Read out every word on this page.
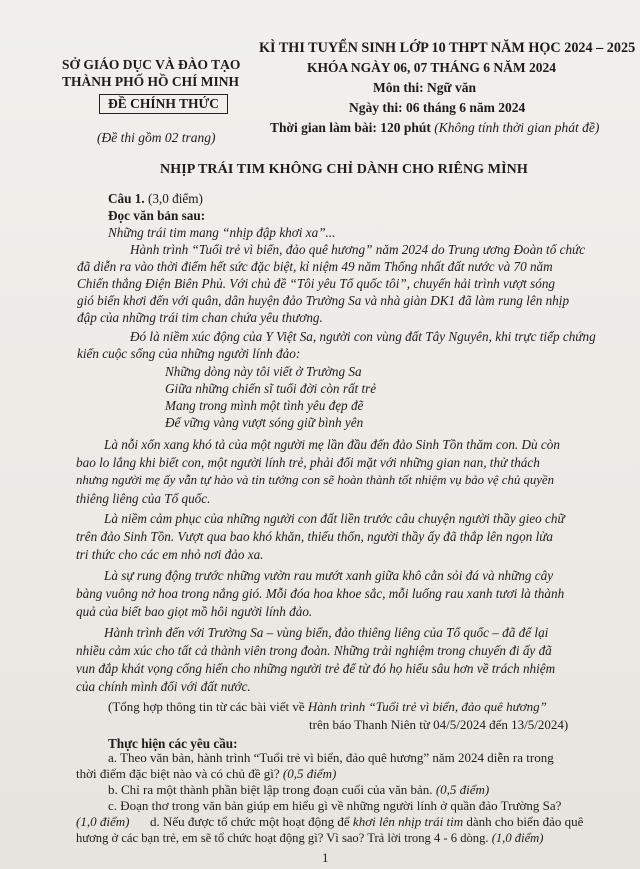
SỞ GIÁO DỤC VÀ ĐÀO TẠO
THÀNH PHỐ HỒ CHÍ MINH
ĐỀ CHÍNH THỨC
(Đề thi gồm 02 trang)
KÌ THI TUYỂN SINH LỚP 10 THPT NĂM HỌC 2024 – 2025
KHÓA NGÀY 06, 07 THÁNG 6 NĂM 2024
Môn thi: Ngữ văn
Ngày thi: 06 tháng 6 năm 2024
Thời gian làm bài: 120 phút (Không tính thời gian phát đề)
NHỊP TRÁI TIM KHÔNG CHỈ DÀNH CHO RIÊNG MÌNH
Câu 1. (3,0 điểm)
Đọc văn bản sau:
Những trái tim mang “nhịp đập khơi xa”...
Hành trình “Tuổi trẻ vì biển, đảo quê hương” năm 2024 do Trung ương Đoàn tổ chức
đã diễn ra vào thời điểm hết sức đặc biệt, kỉ niệm 49 năm Thống nhất đất nước và 70 năm
Chiến thắng Điện Biên Phủ. Với chủ đề “Tôi yêu Tổ quốc tôi”, chuyến hải trình vượt sóng
gió biển khơi đến với quân, dân huyện đảo Trường Sa và nhà giàn DK1 đã làm rung lên nhịp
đập của những trái tim chan chứa yêu thương.
Đó là niềm xúc động của Y Việt Sa, người con vùng đất Tây Nguyên, khi trực tiếp chứng
kiến cuộc sống của những người lính đảo:
Những dòng này tôi viết ở Trường Sa
Giữa những chiến sĩ tuổi đời còn rất trẻ
Mang trong mình một tình yêu đẹp đẽ
Để vững vàng vượt sóng giữ bình yên
Là nỗi xốn xang khó tả của một người mẹ lần đầu đến đảo Sinh Tồn thăm con. Dù còn
bao lo lắng khi biết con, một người lính trẻ, phải đối mặt với những gian nan, thử thách
nhưng người mẹ ấy vẫn tự hào và tin tưởng con sẽ hoàn thành tốt nhiệm vụ bảo vệ chủ quyền
thiêng liêng của Tổ quốc.
Là niềm cảm phục của những người con đất liền trước câu chuyện người thầy gieo chữ
trên đảo Sinh Tồn. Vượt qua bao khó khăn, thiếu thốn, người thầy ấy đã thắp lên ngọn lửa
tri thức cho các em nhỏ nơi đảo xa.
Là sự rung động trước những vườn rau mướt xanh giữa khô cằn sỏi đá và những cây
bàng vuông nở hoa trong nắng gió. Mỗi đóa hoa khoe sắc, mỗi luống rau xanh tươi là thành
quả của biết bao giọt mồ hôi người lính đảo.
Hành trình đến với Trường Sa – vùng biển, đảo thiêng liêng của Tổ quốc – đã để lại
nhiều cảm xúc cho tất cả thành viên trong đoàn. Những trải nghiệm trong chuyến đi ấy đã
vun đắp khát vọng cống hiến cho những người trẻ để từ đó họ hiểu sâu hơn về trách nhiệm
của chính mình đối với đất nước.
(Tổng hợp thông tin từ các bài viết về Hành trình “Tuổi trẻ vì biển, đảo quê hương”
trên báo Thanh Niên từ 04/5/2024 đến 13/5/2024)
Thực hiện các yêu cầu:
a. Theo văn bản, hành trình “Tuổi trẻ vì biển, đảo quê hương” năm 2024 diễn ra trong
thời điểm đặc biệt nào và có chủ đề gì? (0,5 điểm)
b. Chỉ ra một thành phần biệt lập trong đoạn cuối của văn bản. (0,5 điểm)
c. Đoạn thơ trong văn bản giúp em hiểu gì về những người lính ở quần đảo Trường Sa?
(1,0 điểm) d. Nếu được tổ chức một hoạt động để khơi lên nhịp trái tim dành cho biển đảo quê
hương ở các bạn trẻ, em sẽ tổ chức hoạt động gì? Vì sao? Trả lời trong 4 - 6 dòng. (1,0 điểm)
1
